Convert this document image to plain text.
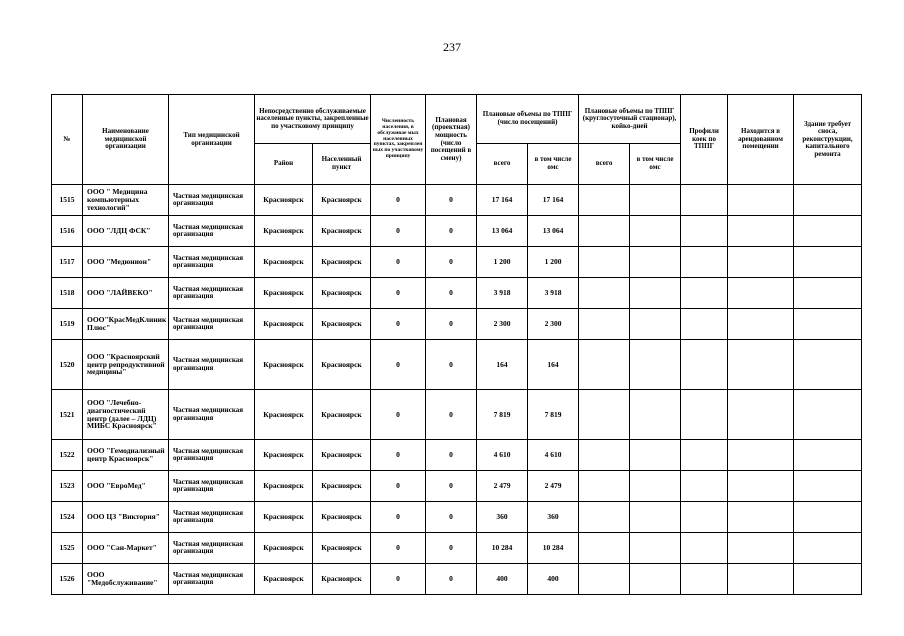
237
№	Наименование медицинской организации	Тип медицинской организации	Непосредственно обслуживаемые населенные пункты, закрепленные по участковому принципу		Численность населения, в обслуживае мых населенных пунктах, закреплен ных по участковому принципу	Плановая (проектная) мощность (число посещений в смену)	Плановые объемы по ТППГ (число посещений)		Плановые объемы по ТППГ (круглосуточный стационар), койко-дней		Профили коек по ТППГ	Находится в арендованном помещении	Здание требует сноса, реконструкции, капитального ремонта
			Район	Населенный пункт			всего	в том числе омс	всего	в том числе омс			
1515	ООО " Медицина компьютерных технологий"	Частная медицинская организация	Красноярск	Красноярск	0	0	17 164	17 164					
1516	ООО "ЛДЦ ФСК"	Частная медицинская организация	Красноярск	Красноярск	0	0	13 064	13 064					
1517	ООО "Медюнион"	Частная медицинская организация	Красноярск	Красноярск	0	0	1 200	1 200					
1518	ООО "ЛАЙВЕКО"	Частная медицинская организация	Красноярск	Красноярск	0	0	3 918	3 918					
1519	ООО"КрасМедКлиник Плюс"	Частная медицинская организация	Красноярск	Красноярск	0	0	2 300	2 300					
1520	ООО "Красноярский центр репродуктивной медицины"	Частная медицинская организация	Красноярск	Красноярск	0	0	164	164					
1521	ООО "Лечебно-диагностический центр (далее – ЛДЦ) МИБС Красноярск"	Частная медицинская организация	Красноярск	Красноярск	0	0	7 819	7 819					
1522	ООО "Гемодиализный центр Красноярск"	Частная медицинская организация	Красноярск	Красноярск	0	0	4 610	4 610					
1523	ООО "ЕвроМед"	Частная медицинская организация	Красноярск	Красноярск	0	0	2 479	2 479					
1524	ООО ЦЗ "Виктория"	Частная медицинская организация	Красноярск	Красноярск	0	0	360	360					
1525	ООО "Сан-Маркет"	Частная медицинская организация	Красноярск	Красноярск	0	0	10 284	10 284					
1526	ООО "Медобслуживание"	Частная медицинская организация	Красноярск	Красноярск	0	0	400	400					
